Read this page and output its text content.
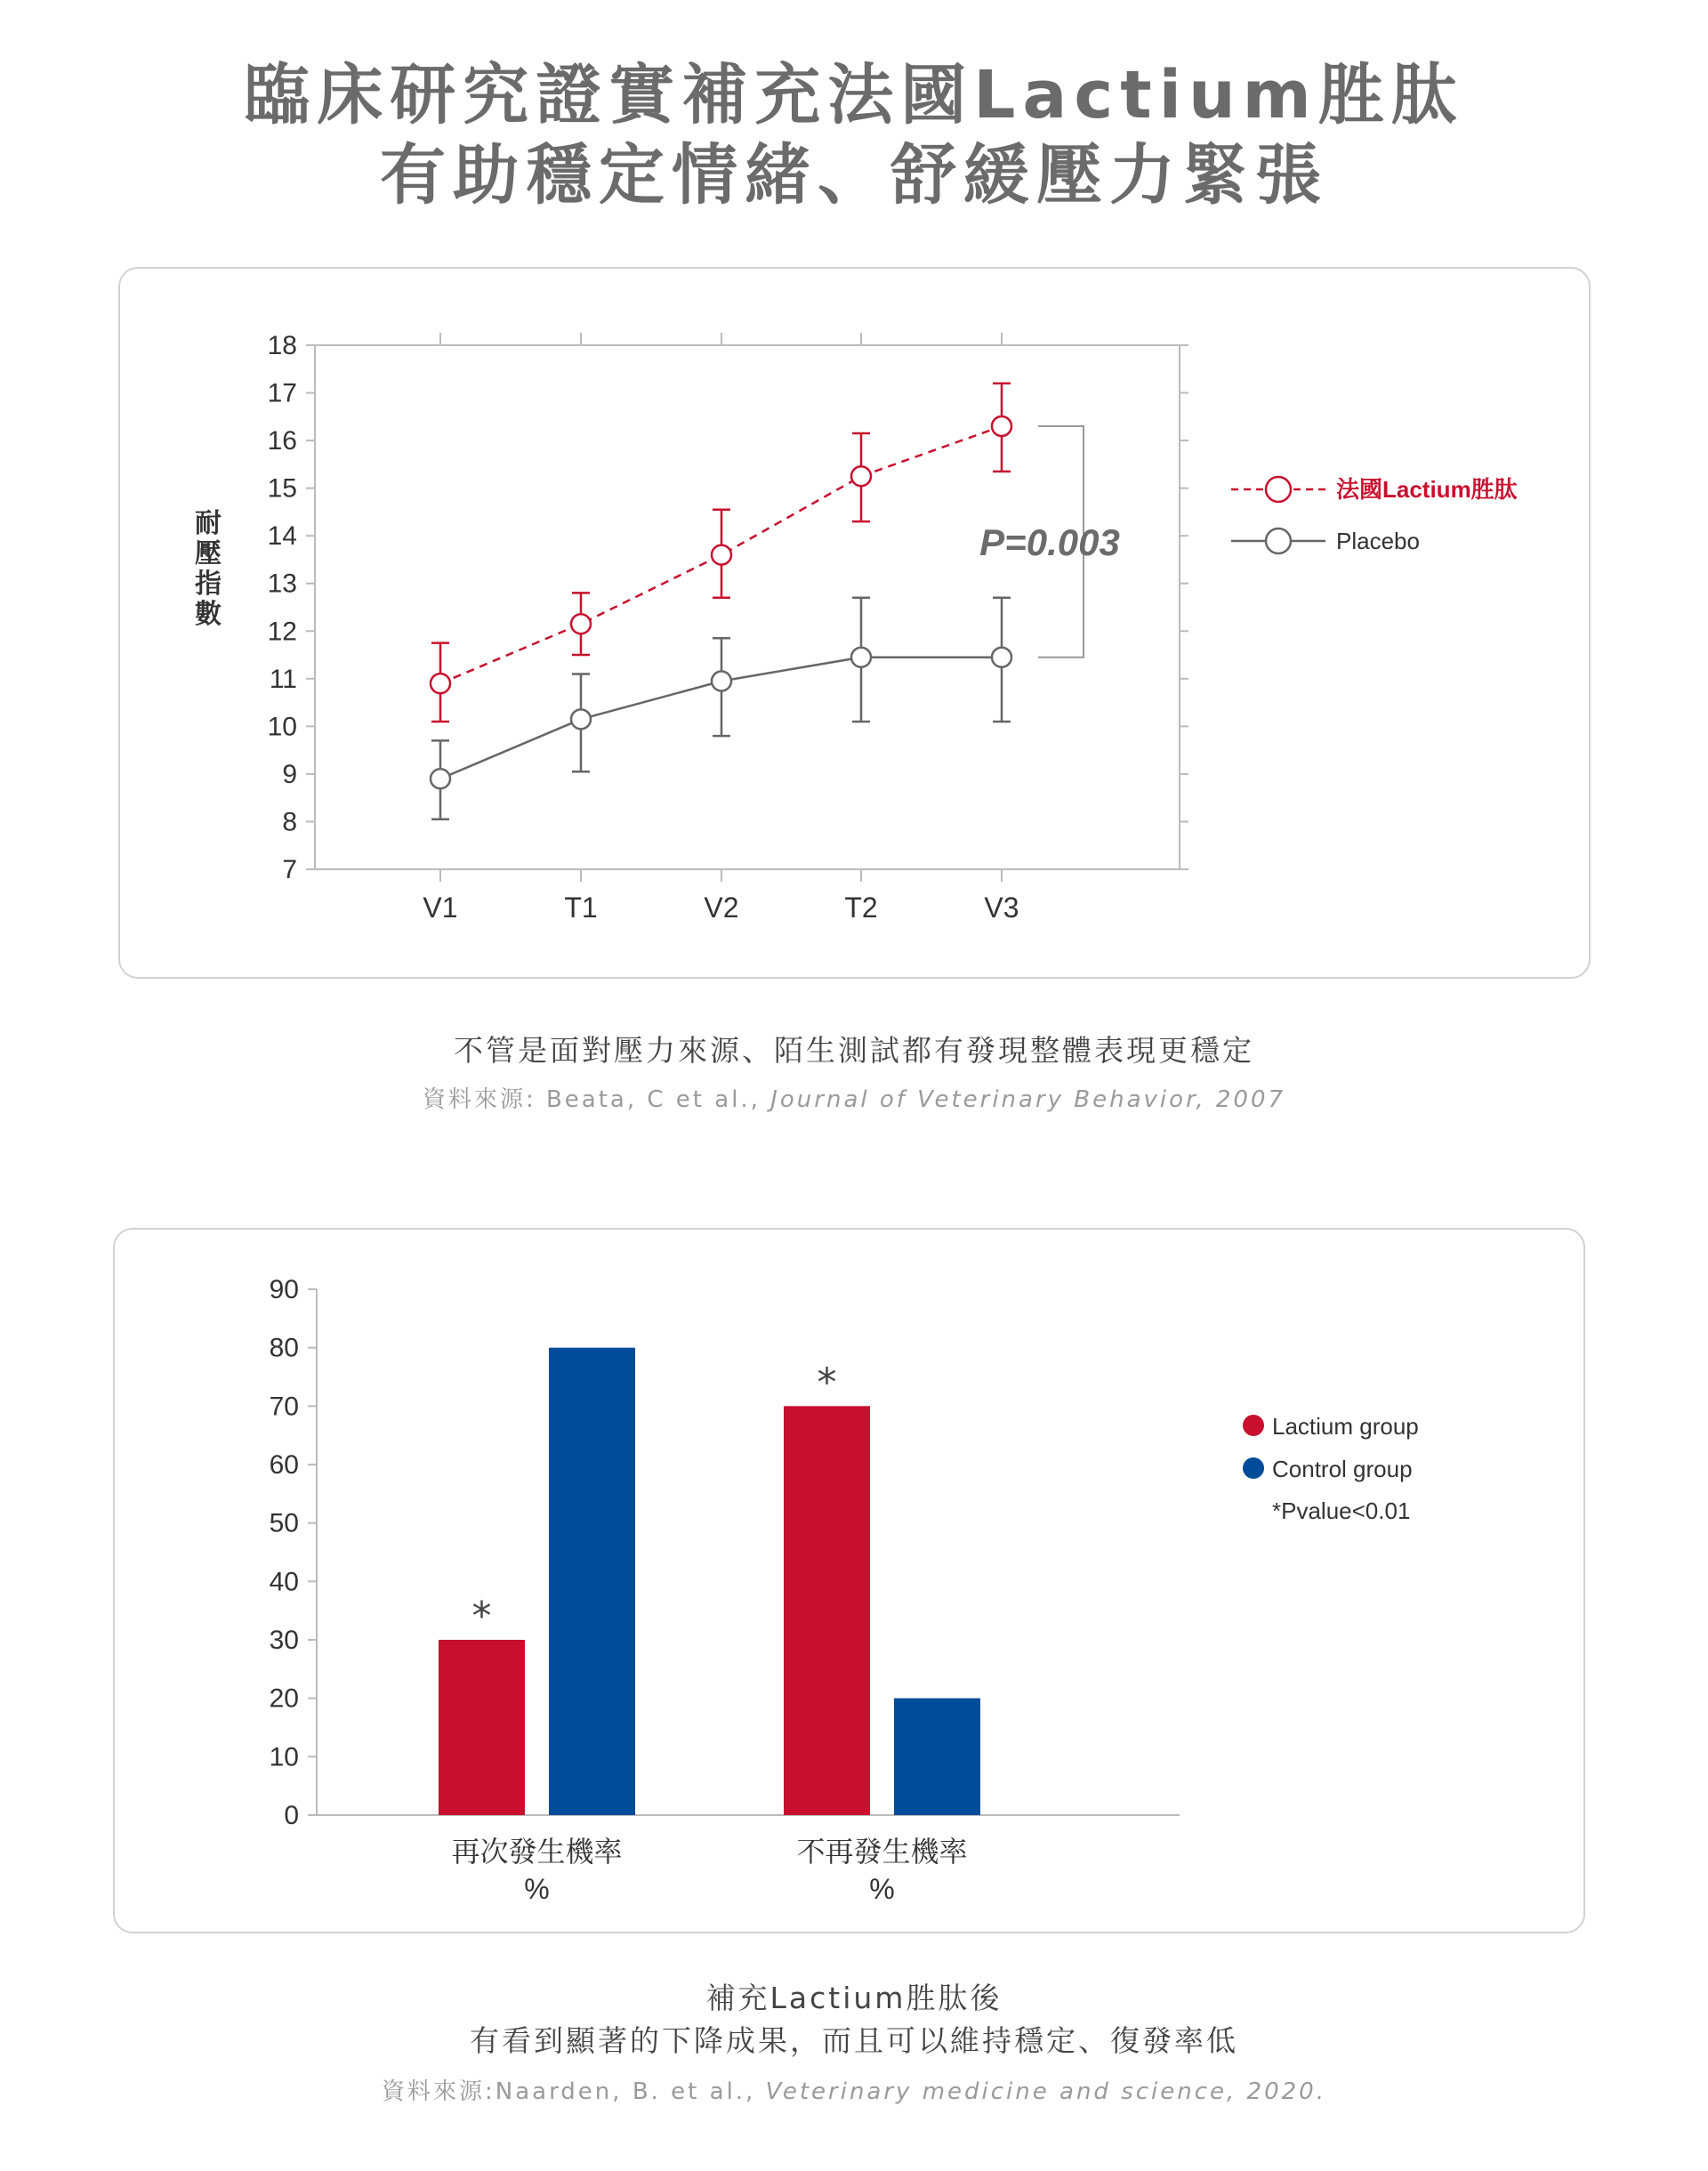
臨床研究證實補充法國Lactium胜肽
有助穩定情緒、舒緩壓力緊張
7
8
9
10
11
12
13
14
15
16
17
18
V1	T1	V2	T2	V3
P=0.003
法國Lactium胜肽
Placebo
耐壓指數
不管是面對壓力來源、陌生測試都有發現整體表現更穩定
資料來源: Beata, C et al., Journal of Veterinary Behavior, 2007
0
10
20
30
40
50
60
70
80
90
*
*
再次發生機率
%
不再發生機率
%
Lactium group
Control group
*Pvalue<0.01
補充Lactium胜肽後
有看到顯著的下降成果，而且可以維持穩定、復發率低
資料來源:Naarden, B. et al., Veterinary medicine and science, 2020.
